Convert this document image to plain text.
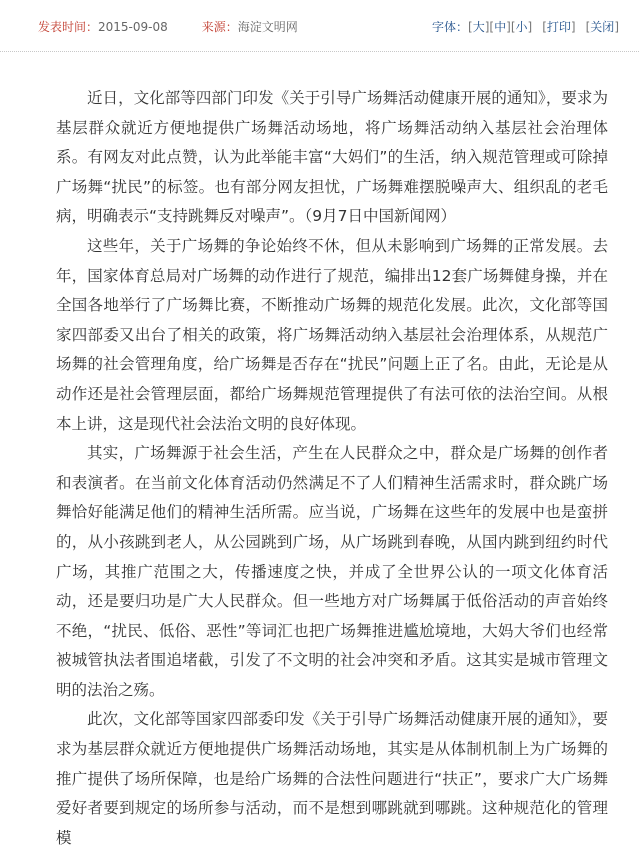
发表时间：2015-09-08	来源：海淀文明网	字体：[大][中][小] [打印] [关闭]

近日，文化部等四部门印发《关于引导广场舞活动健康开展的通知》，要求为基层群众就近方便地提供广场舞活动场地，将广场舞活动纳入基层社会治理体系。有网友对此点赞，认为此举能丰富“大妈们”的生活，纳入规范管理或可除掉广场舞“扰民”的标签。也有部分网友担忧，广场舞难摆脱噪声大、组织乱的老毛病，明确表示“支持跳舞反对噪声”。（9月7日中国新闻网）

这些年，关于广场舞的争论始终不休，但从未影响到广场舞的正常发展。去年，国家体育总局对广场舞的动作进行了规范，编排出12套广场舞健身操，并在全国各地举行了广场舞比赛，不断推动广场舞的规范化发展。此次，文化部等国家四部委又出台了相关的政策，将广场舞活动纳入基层社会治理体系，从规范广场舞的社会管理角度，给广场舞是否存在“扰民”问题上正了名。由此，无论是从动作还是社会管理层面，都给广场舞规范管理提供了有法可依的法治空间。从根本上讲，这是现代社会法治文明的良好体现。

其实，广场舞源于社会生活，产生在人民群众之中，群众是广场舞的创作者和表演者。在当前文化体育活动仍然满足不了人们精神生活需求时，群众跳广场舞恰好能满足他们的精神生活所需。应当说，广场舞在这些年的发展中也是蛮拼的，从小孩跳到老人，从公园跳到广场，从广场跳到春晚，从国内跳到纽约时代广场，其推广范围之大，传播速度之快，并成了全世界公认的一项文化体育活动，还是要归功是广大人民群众。但一些地方对广场舞属于低俗活动的声音始终不绝，“扰民、低俗、恶性”等词汇也把广场舞推进尴尬境地，大妈大爷们也经常被城管执法者围追堵截，引发了不文明的社会冲突和矛盾。这其实是城市管理文明的法治之殇。

此次，文化部等国家四部委印发《关于引导广场舞活动健康开展的通知》，要求为基层群众就近方便地提供广场舞活动场地，其实是从体制机制上为广场舞的推广提供了场所保障，也是给广场舞的合法性问题进行“扶正”，要求广大广场舞爱好者要到规定的场所参与活动，而不是想到哪跳就到哪跳。这种规范化的管理模
